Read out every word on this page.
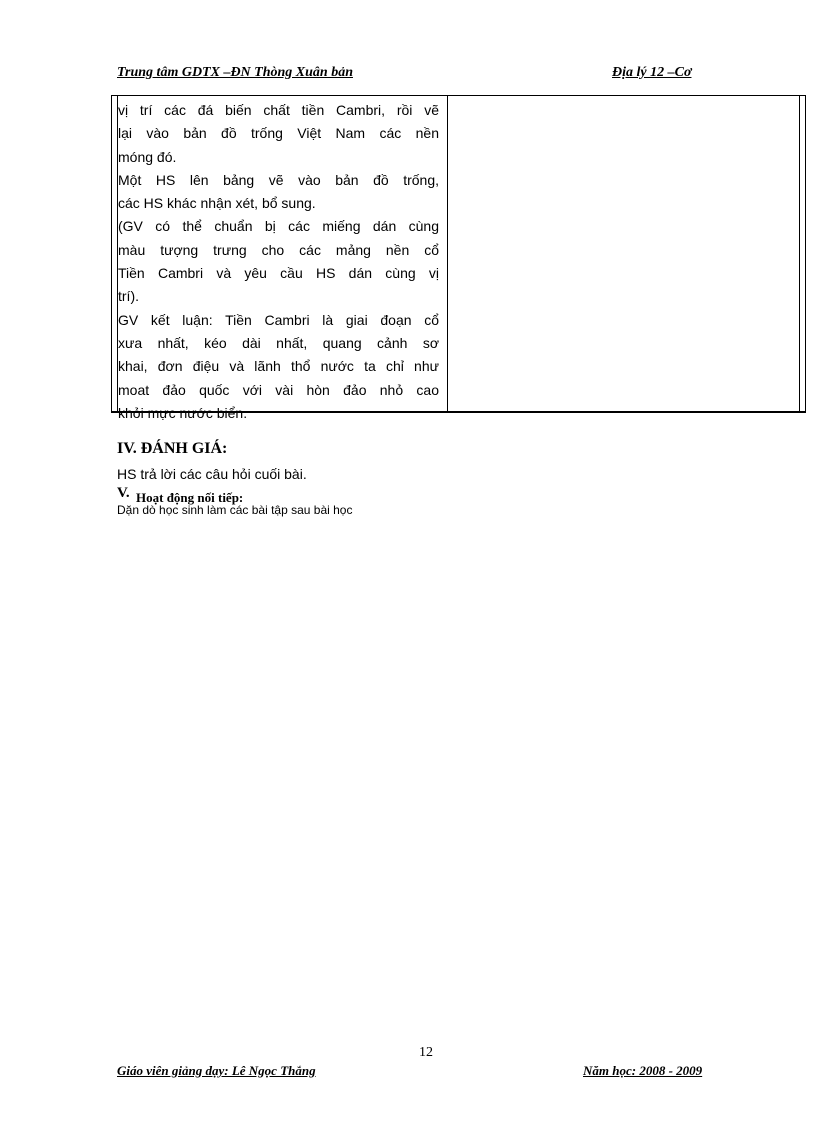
Trung tâm GDTX –ĐN Thòng Xuân bản	Địa lý 12 –Cơ

vị trí các đá biến chất tiền Cambri, rồi vẽ

lại vào bản đồ trống Việt Nam các nền

móng đó.

Một HS lên bảng vẽ vào bản đồ trống,

các HS khác nhận xét, bổ sung.

(GV có thể chuẩn bị các miếng dán cùng

màu tượng trưng cho các mảng nền cổ

Tiền Cambri và yêu cầu HS dán cùng vị

trí).

GV kết luận: Tiền Cambri là giai đoạn cổ

xưa nhất, kéo dài nhất, quang cảnh sơ

khai, đơn điệu và lãnh thổ nước ta chỉ như

moat đảo quốc với vài hòn đảo nhỏ cao

khỏi mực nước biển.

IV. ĐÁNH GIÁ:
HS trả lời các câu hỏi cuối bài.
V. Hoạt động nối tiếp:
Dặn dò học sinh làm các bài tập sau bài học
12
Giáo viên giảng dạy: Lê Ngọc Thắng	Năm học: 2008 - 2009
